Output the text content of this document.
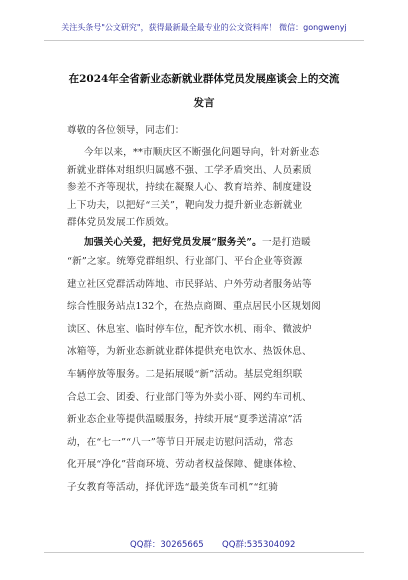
关注头条号"公文研究"，获得最新最全最专业的公文资料库！ 微信：gongwenyj
在2024年全省新业态新就业群体党员发展座谈会上的交流
发言
尊敬的各位领导，同志们：
今年以来，**市顺庆区不断强化问题导向，针对新业态
新就业群体对组织归属感不强、工学矛盾突出、人员素质
参差不齐等现状，持续在凝聚人心、教育培养、制度建设
上下功夫，以把好“三关”，靶向发力提升新业态新就业
群体党员发展工作质效。
加强关心关爱，把好党员发展“服务关”。一是打造暖
“新”之家。统筹党群组织、行业部门、平台企业等资源
建立社区党群活动阵地、市民驿站、户外劳动者服务站等
综合性服务站点132个，在热点商圈、重点居民小区规划阅
读区、休息室、临时停车位，配齐饮水机、雨伞、微波炉
冰箱等，为新业态新就业群体提供充电饮水、热饭休息、
车辆停放等服务。二是拓展暖“新”活动。基层党组织联
合总工会、团委、行业部门等为外卖小哥、网约车司机、
新业态企业等提供温暖服务，持续开展“夏季送清凉”活
动，在“七一”“八一”等节日开展走访慰问活动，常态
化开展“净化”营商环境、劳动者权益保障、健康体检、
子女教育等活动，择优评选“最美货车司机”“红骑
QQ群：30265665 QQ群:535304092
